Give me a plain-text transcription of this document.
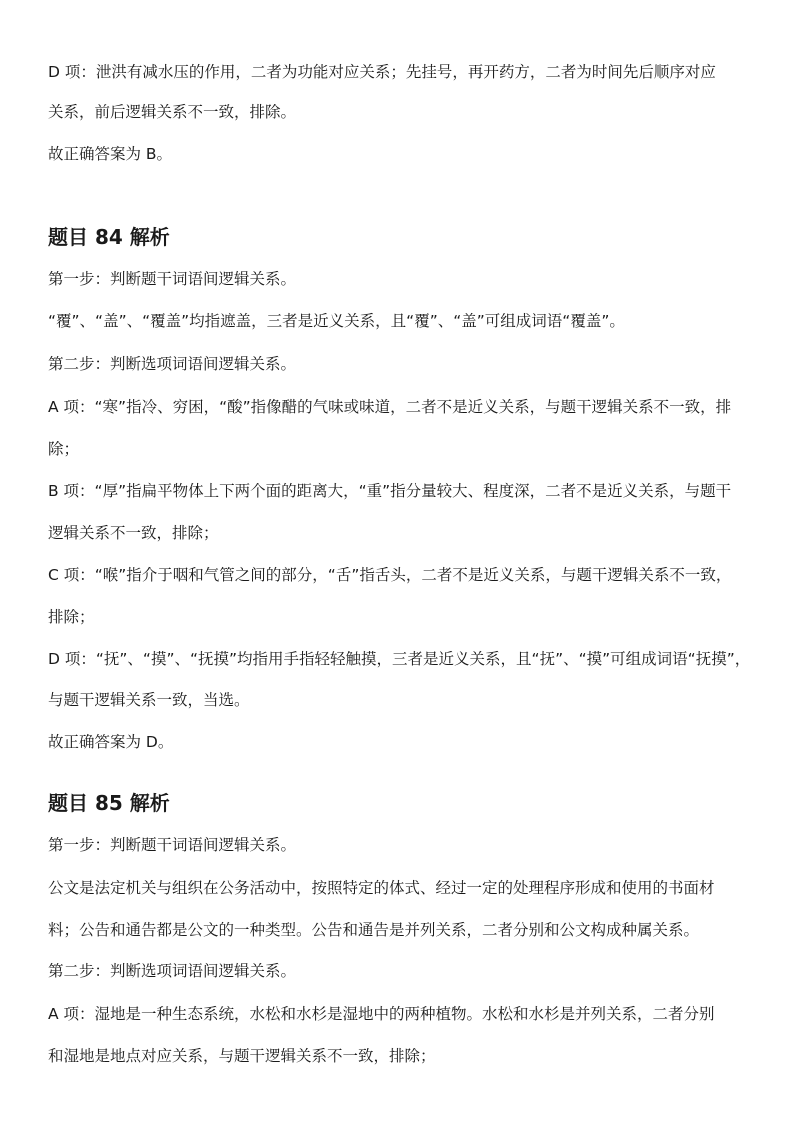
D 项：泄洪有减水压的作用，二者为功能对应关系；先挂号，再开药方，二者为时间先后顺序对应
关系，前后逻辑关系不一致，排除。
故正确答案为 B。
题目 84 解析
第一步：判断题干词语间逻辑关系。
“覆”、“盖”、“覆盖”均指遮盖，三者是近义关系，且“覆”、“盖”可组成词语“覆盖”。
第二步：判断选项词语间逻辑关系。
A 项：“寒”指冷、穷困，“酸”指像醋的气味或味道，二者不是近义关系，与题干逻辑关系不一致，排
除；
B 项：“厚”指扁平物体上下两个面的距离大，“重”指分量较大、程度深，二者不是近义关系，与题干
逻辑关系不一致，排除；
C 项：“喉”指介于咽和气管之间的部分，“舌”指舌头，二者不是近义关系，与题干逻辑关系不一致，
排除；
D 项：“抚”、“摸”、“抚摸”均指用手指轻轻触摸，三者是近义关系，且“抚”、“摸”可组成词语“抚摸”，
与题干逻辑关系一致，当选。
故正确答案为 D。
题目 85 解析
第一步：判断题干词语间逻辑关系。
公文是法定机关与组织在公务活动中，按照特定的体式、经过一定的处理程序形成和使用的书面材
料；公告和通告都是公文的一种类型。公告和通告是并列关系，二者分别和公文构成种属关系。
第二步：判断选项词语间逻辑关系。
A 项：湿地是一种生态系统，水松和水杉是湿地中的两种植物。水松和水杉是并列关系，二者分别
和湿地是地点对应关系，与题干逻辑关系不一致，排除；
